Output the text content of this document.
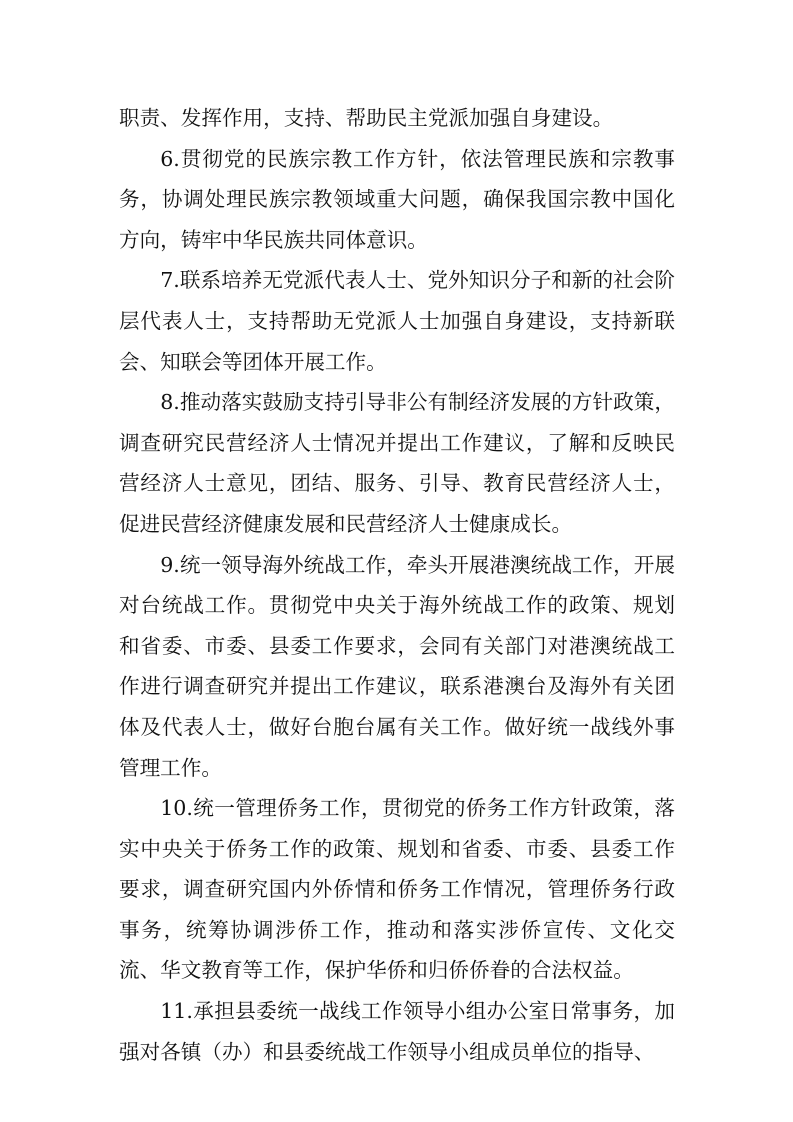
职责、发挥作用，支持、帮助民主党派加强自身建设。

6.贯彻党的民族宗教工作方针，依法管理民族和宗教事务，协调处理民族宗教领域重大问题，确保我国宗教中国化方向，铸牢中华民族共同体意识。

7.联系培养无党派代表人士、党外知识分子和新的社会阶层代表人士，支持帮助无党派人士加强自身建设，支持新联会、知联会等团体开展工作。

8.推动落实鼓励支持引导非公有制经济发展的方针政策，调查研究民营经济人士情况并提出工作建议，了解和反映民营经济人士意见，团结、服务、引导、教育民营经济人士，促进民营经济健康发展和民营经济人士健康成长。

9.统一领导海外统战工作，牵头开展港澳统战工作，开展对台统战工作。贯彻党中央关于海外统战工作的政策、规划和省委、市委、县委工作要求，会同有关部门对港澳统战工作进行调查研究并提出工作建议，联系港澳台及海外有关团体及代表人士，做好台胞台属有关工作。做好统一战线外事管理工作。

10.统一管理侨务工作，贯彻党的侨务工作方针政策，落实中央关于侨务工作的政策、规划和省委、市委、县委工作要求，调查研究国内外侨情和侨务工作情况，管理侨务行政事务，统筹协调涉侨工作，推动和落实涉侨宣传、文化交流、华文教育等工作，保护华侨和归侨侨眷的合法权益。

11.承担县委统一战线工作领导小组办公室日常事务，加强对各镇（办）和县委统战工作领导小组成员单位的指导、
